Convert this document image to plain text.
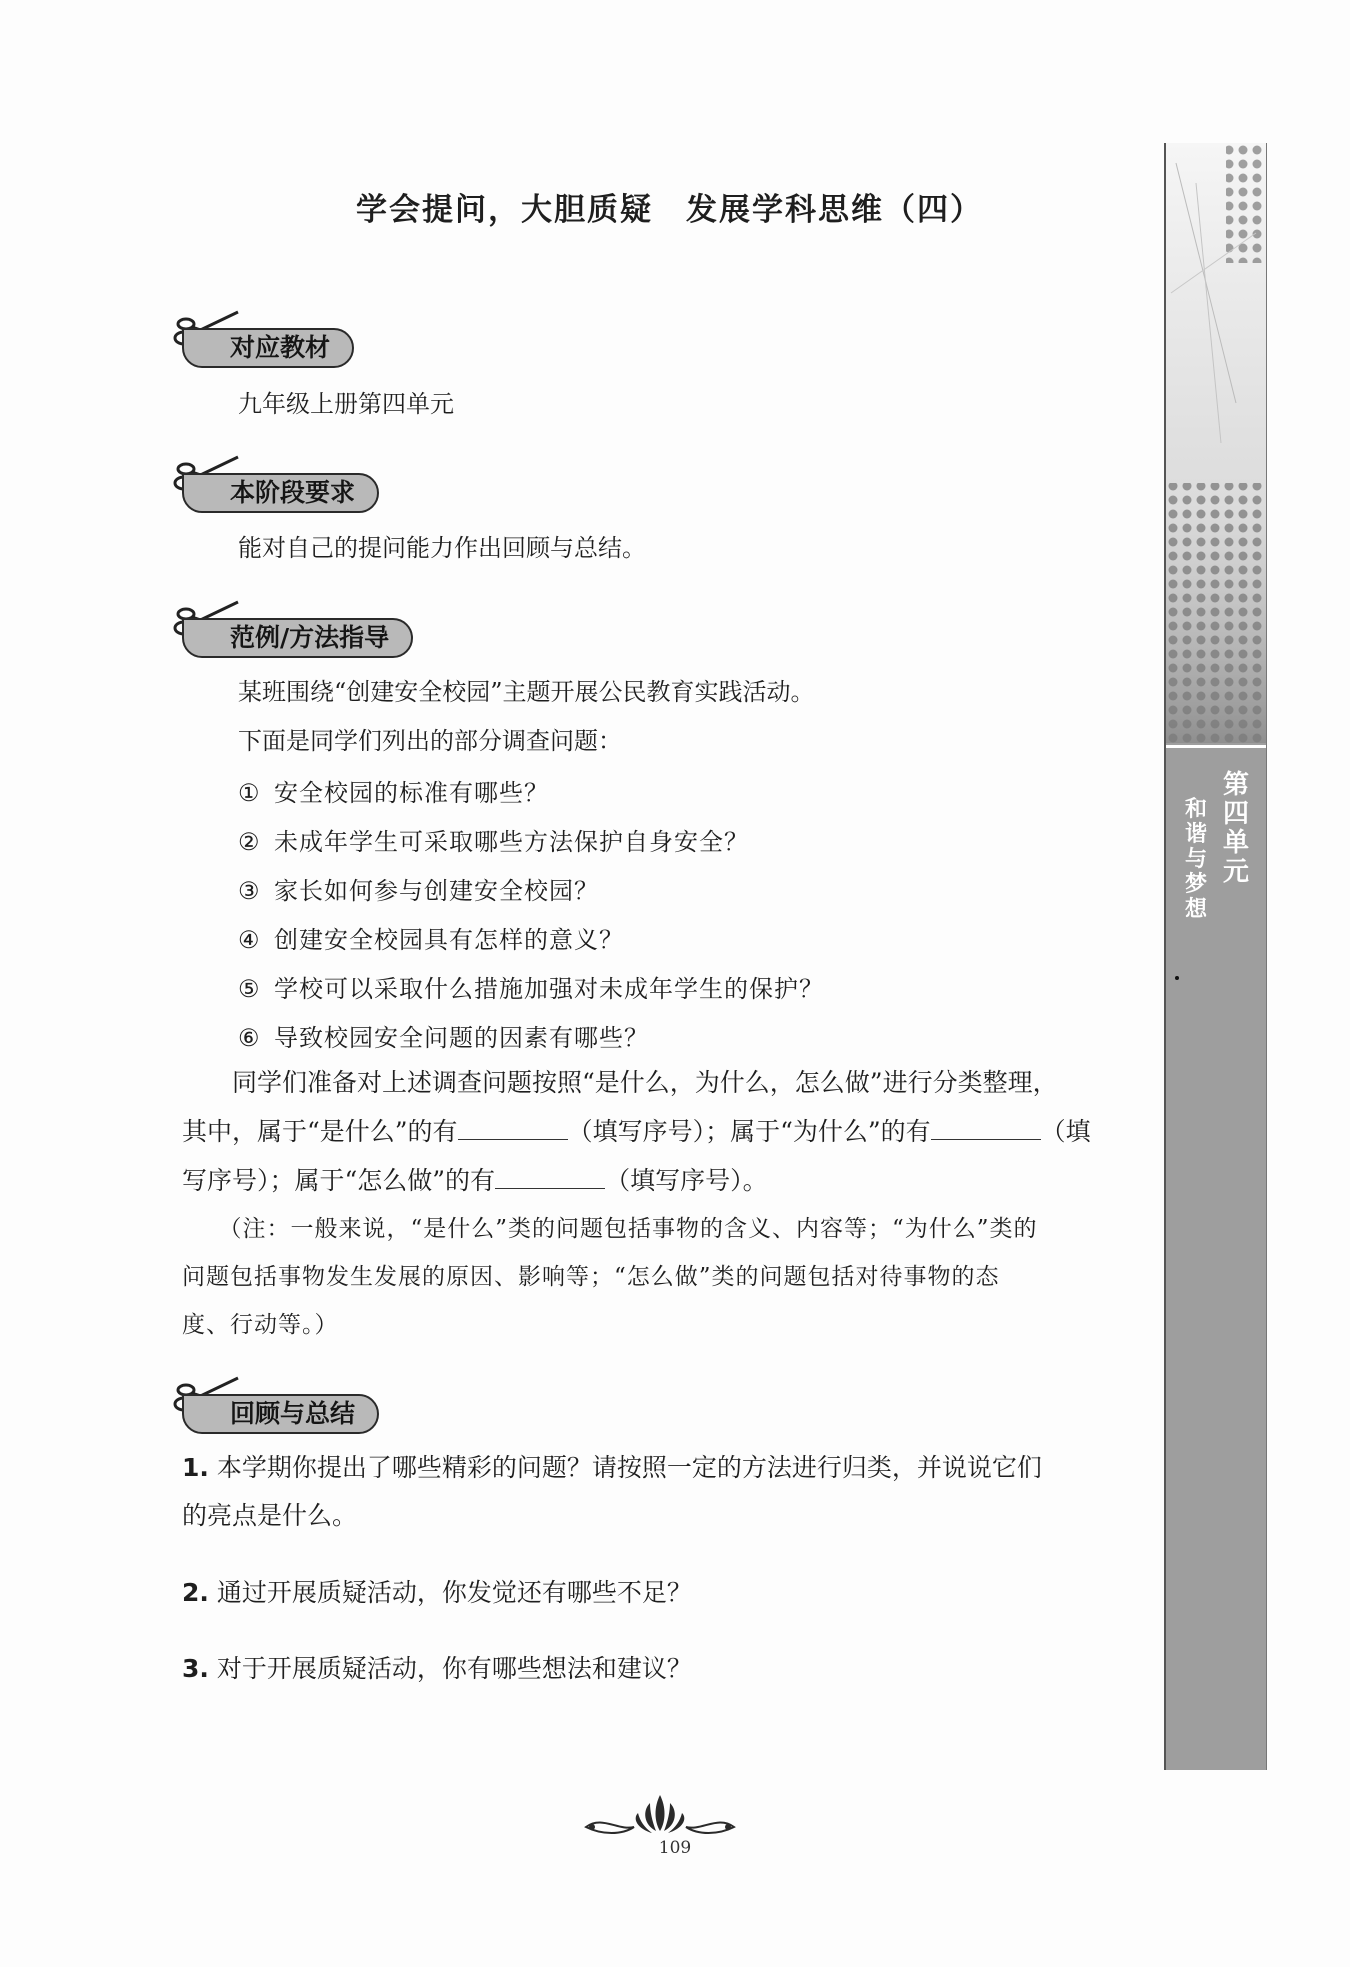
学会提问，大胆质疑　发展学科思维（四）
对应教材
九年级上册第四单元
本阶段要求
能对自己的提问能力作出回顾与总结。
范例/方法指导
某班围绕“创建安全校园”主题开展公民教育实践活动。
下面是同学们列出的部分调查问题：
① 安全校园的标准有哪些？
② 未成年学生可采取哪些方法保护自身安全？
③ 家长如何参与创建安全校园？
④ 创建安全校园具有怎样的意义？
⑤ 学校可以采取什么措施加强对未成年学生的保护？
⑥ 导致校园安全问题的因素有哪些？
　　同学们准备对上述调查问题按照“是什么，为什么，怎么做”进行分类整理，
其中，属于“是什么”的有	（填写序号）；属于“为什么”的有	（填
写序号）；属于“怎么做”的有	（填写序号）。
　　（注：一般来说，“是什么”类的问题包括事物的含义、内容等；“为什么”类的
问题包括事物发生发展的原因、影响等；“怎么做”类的问题包括对待事物的态
度、行动等。）
回顾与总结
1. 本学期你提出了哪些精彩的问题？请按照一定的方法进行归类，并说说它们
的亮点是什么。
2. 通过开展质疑活动，你发觉还有哪些不足？
3. 对于开展质疑活动，你有哪些想法和建议？
第四单元
和谐与梦想
109
